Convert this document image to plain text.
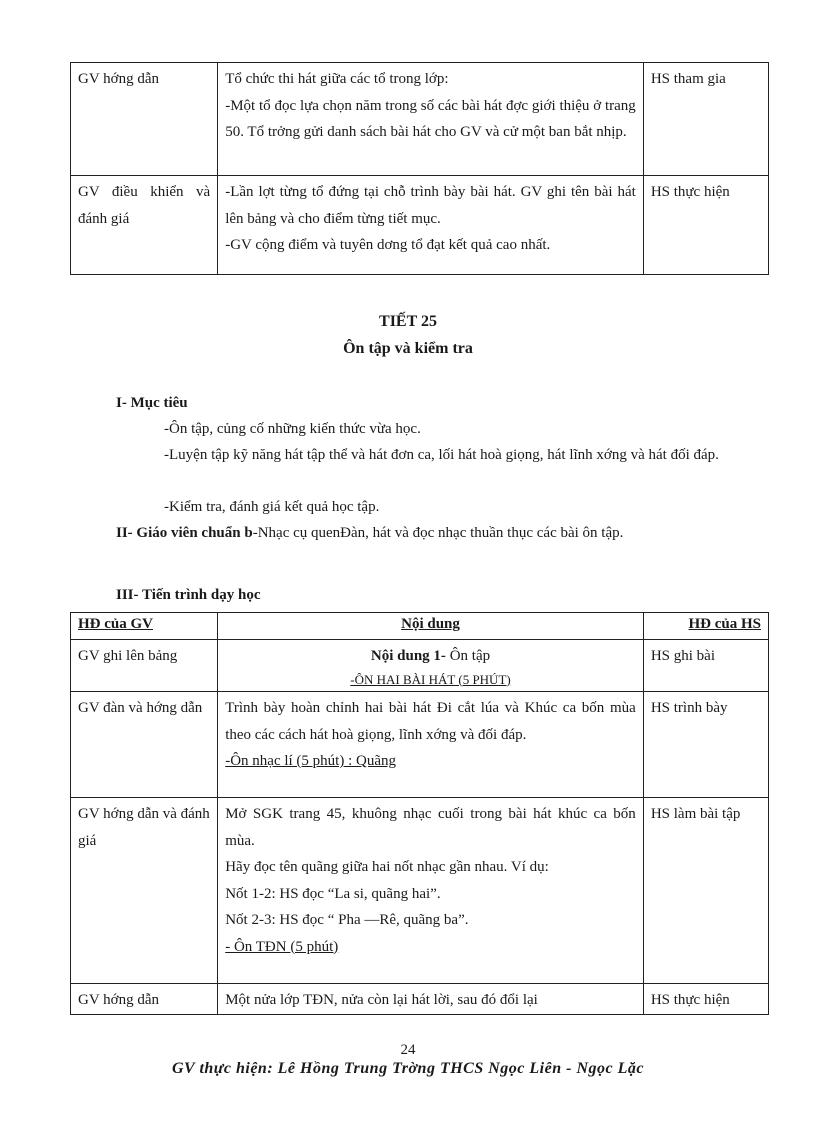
GV hớng dẫn	Tổ chức thi hát giữa các tổ trong lớp:
-Một tổ đọc lựa chọn năm trong số các bài hát đợc giới thiệu ở trang 50. Tổ trởng gửi danh sách bài hát cho GV và cử một ban bắt nhịp.	HS tham gia
GV điều khiển và đánh giá	-Lần lợt từng tổ đứng tại chỗ trình bày bài hát. GV ghi tên bài hát lên bảng và cho điểm từng tiết mục.
-GV cộng điểm và tuyên dơng tổ đạt kết quả cao nhất.	HS thực hiện
TIẾT 25
Ôn tập và kiểm tra
I- Mục tiêu
-Ôn tập, củng cố những kiến thức vừa học.
-Luyện tập kỹ năng hát tập thể và hát đơn ca, lối hát hoà giọng, hát lĩnh xớng và hát đối đáp.
-Kiểm tra, đánh giá kết quả học tập.
II- Giáo viên chuẩn b-Nhạc cụ quenĐàn, hát và đọc nhạc thuần thục các bài ôn tập.
III- Tiến trình dạy học
HĐ của GV	Nội dung	HĐ của HS
GV ghi lên bảng	Nội dung 1- Ôn tập
-ÔN HAI BÀI HÁT (5 PHÚT)	HS ghi bài
GV đàn và hớng dẫn	Trình bày hoàn chỉnh hai bài hát Đi cắt lúa và Khúc ca bốn mùa theo các cách hát hoà giọng, lĩnh xớng và đối đáp.
-Ôn nhạc lí (5 phút) : Quãng	HS trình bày
GV hớng dẫn và đánh giá	Mở SGK trang 45, khuông nhạc cuối trong bài hát khúc ca bốn mùa.
Hãy đọc tên quãng giữa hai nốt nhạc gần nhau. Ví dụ:
Nốt 1-2: HS đọc “La si, quãng hai”.
Nốt 2-3: HS đọc “ Pha —Rê, quãng ba”.
- Ôn TĐN (5 phút)	HS làm bài tập
GV hớng dẫn	Một nửa lớp TĐN, nửa còn lại hát lời, sau đó đổi lại	HS thực hiện
24
GV thực hiện: Lê Hồng Trung Trờng THCS Ngọc Liên - Ngọc Lặc
